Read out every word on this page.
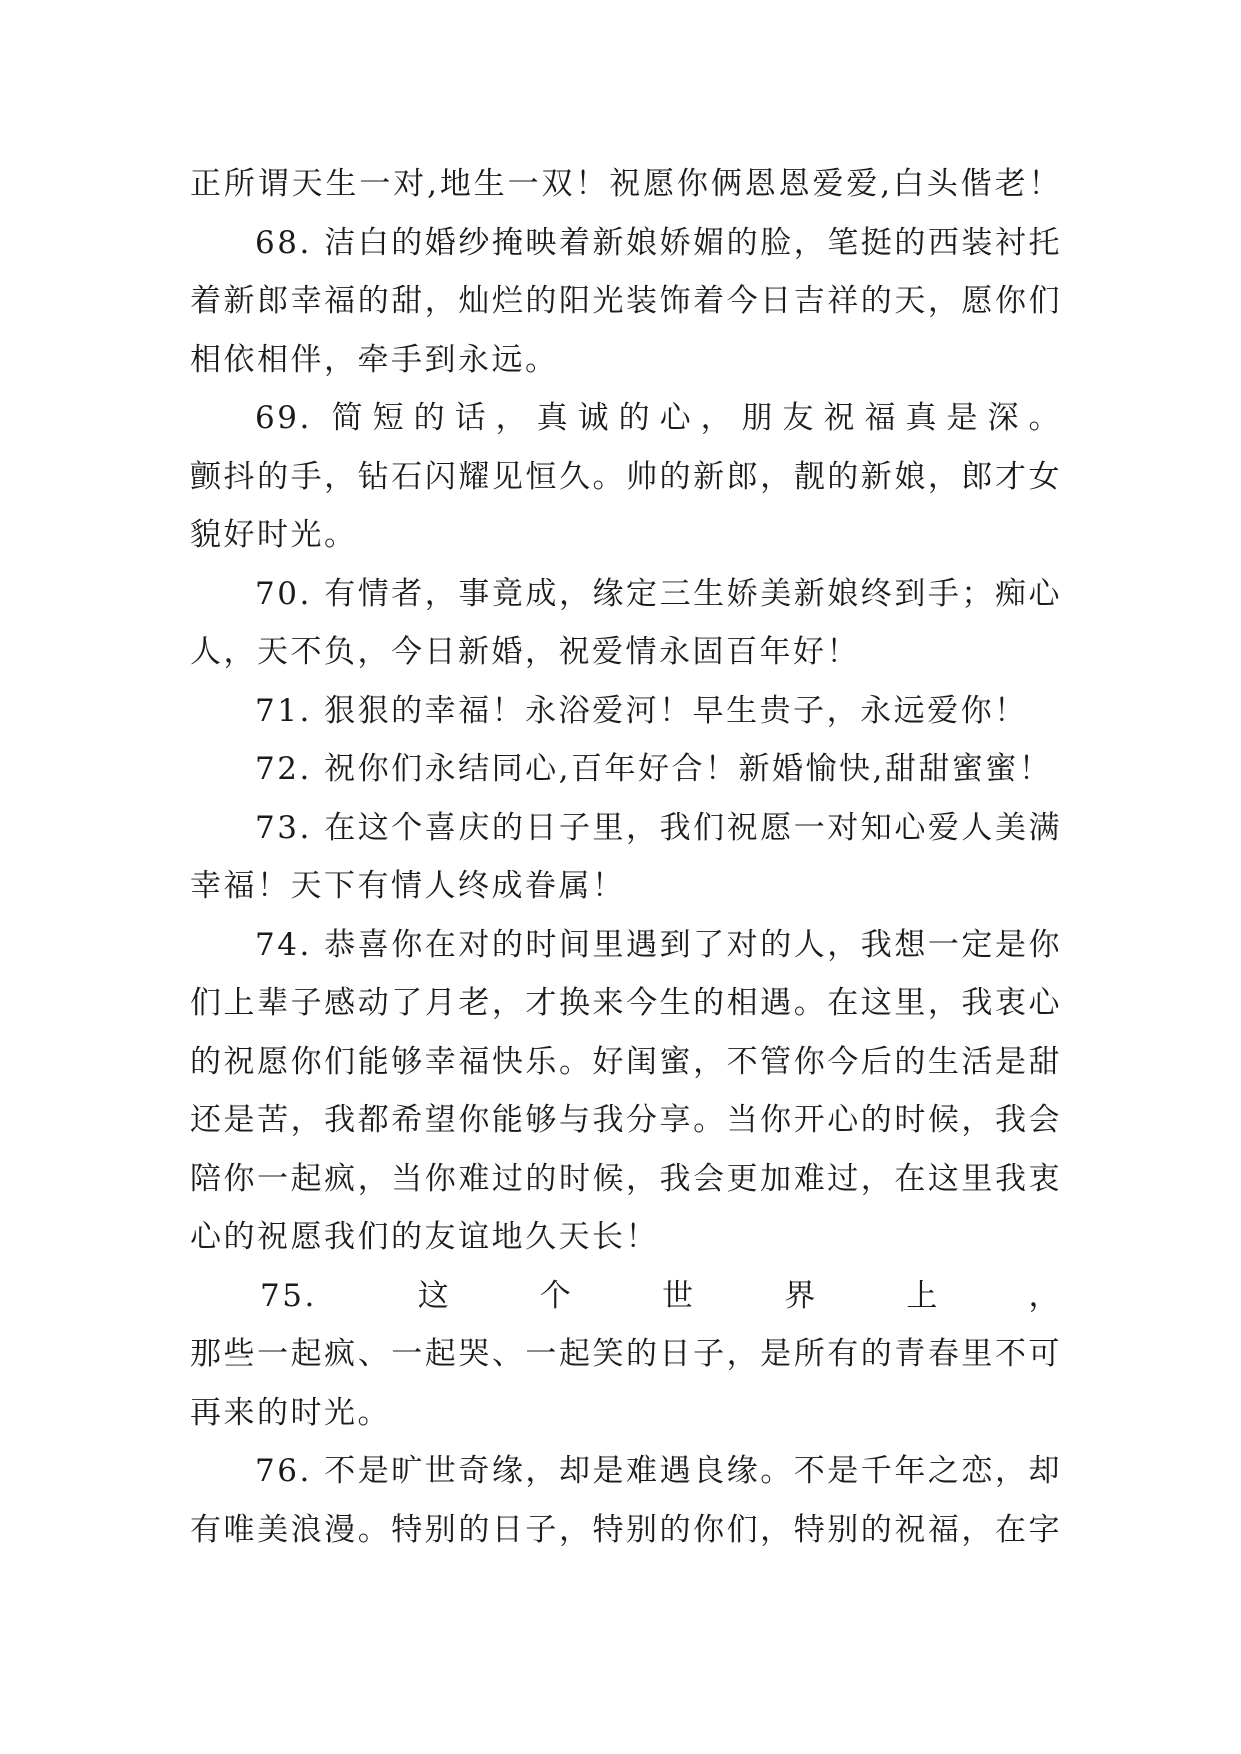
正所谓天生一对,地生一双！祝愿你俩恩恩爱爱,白头偕老！
68. 洁白的婚纱掩映着新娘娇媚的脸，笔挺的西装衬托
着新郎幸福的甜，灿烂的阳光装饰着今日吉祥的天，愿你们
相依相伴，牵手到永远。
69. 简短的话，真诚的心，朋友祝福真是深。
颤抖的手，钻石闪耀见恒久。帅的新郎，靓的新娘，郎才女
貌好时光。
70. 有情者，事竟成，缘定三生娇美新娘终到手；痴心
人，天不负，今日新婚，祝爱情永固百年好！
71. 狠狠的幸福！永浴爱河！早生贵子，永远爱你！
72. 祝你们永结同心,百年好合！新婚愉快,甜甜蜜蜜！
73. 在这个喜庆的日子里，我们祝愿一对知心爱人美满
幸福！天下有情人终成眷属！
74. 恭喜你在对的时间里遇到了对的人，我想一定是你
们上辈子感动了月老，才换来今生的相遇。在这里，我衷心
的祝愿你们能够幸福快乐。好闺蜜，不管你今后的生活是甜
还是苦，我都希望你能够与我分享。当你开心的时候，我会
陪你一起疯，当你难过的时候，我会更加难过，在这里我衷
心的祝愿我们的友谊地久天长！
75. 这个世界上，
那些一起疯、一起哭、一起笑的日子，是所有的青春里不可
再来的时光。
76. 不是旷世奇缘，却是难遇良缘。不是千年之恋，却
有唯美浪漫。特别的日子，特别的你们，特别的祝福，在字
